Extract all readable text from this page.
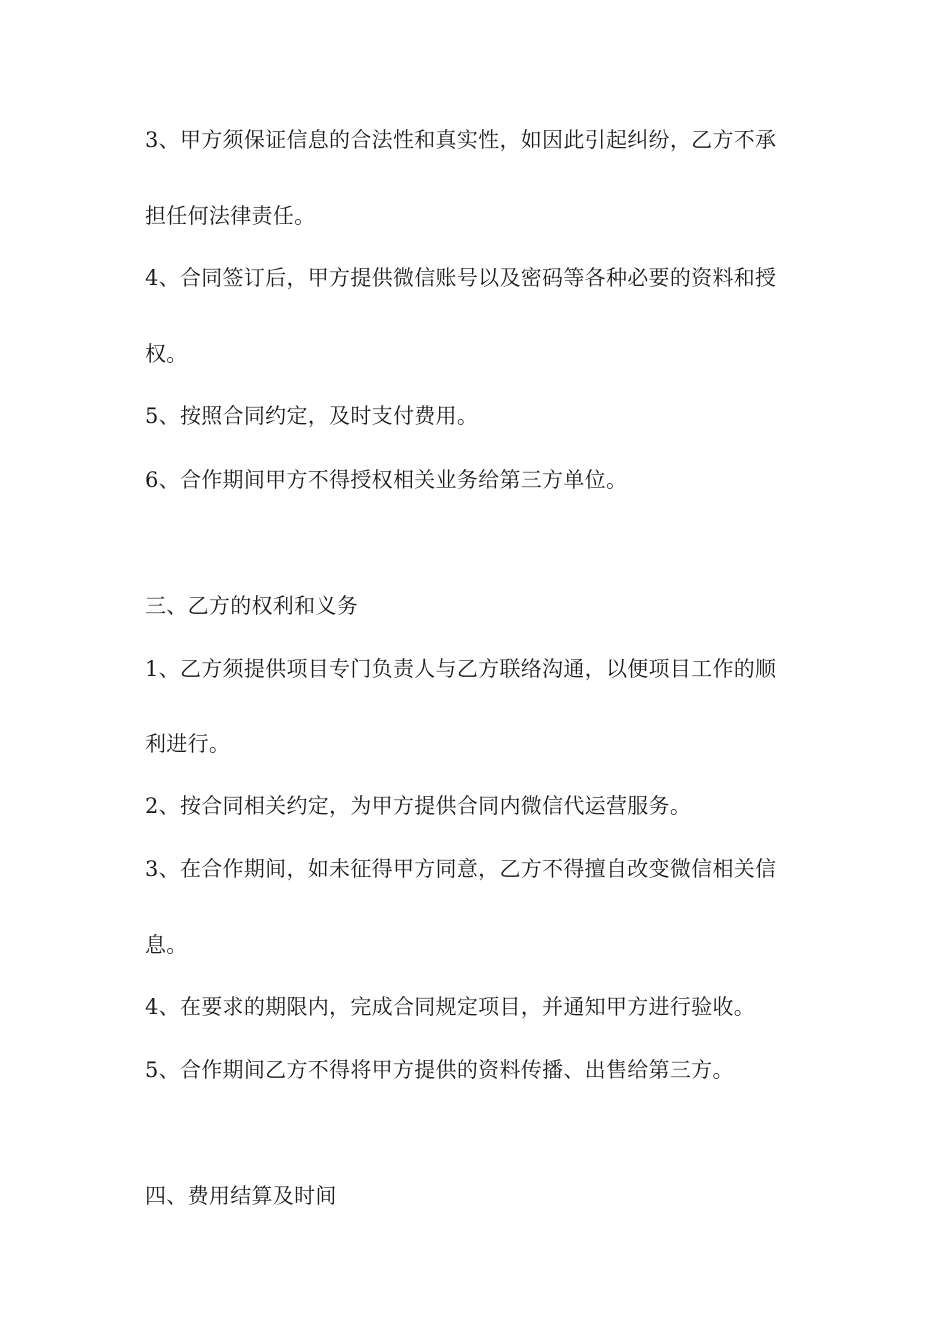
3、甲方须保证信息的合法性和真实性，如因此引起纠纷，乙方不承
担任何法律责任。
4、合同签订后，甲方提供微信账号以及密码等各种必要的资料和授
权。
5、按照合同约定，及时支付费用。
6、合作期间甲方不得授权相关业务给第三方单位。
三、乙方的权利和义务
1、乙方须提供项目专门负责人与乙方联络沟通，以便项目工作的顺
利进行。
2、按合同相关约定，为甲方提供合同内微信代运营服务。
3、在合作期间，如未征得甲方同意，乙方不得擅自改变微信相关信
息。
4、在要求的期限内，完成合同规定项目，并通知甲方进行验收。
5、合作期间乙方不得将甲方提供的资料传播、出售给第三方。
四、费用结算及时间
